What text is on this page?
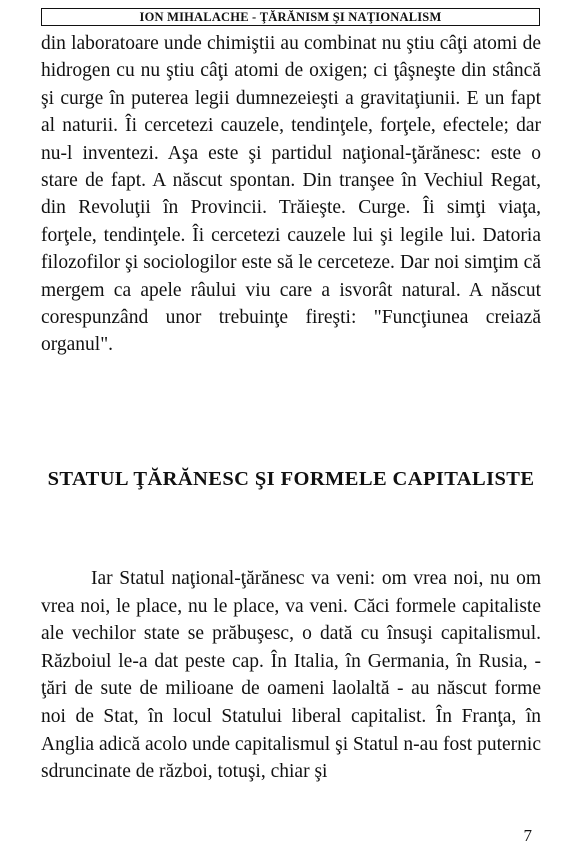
ION MIHALACHE - ŢĂRĂNISM ŞI NAŢIONALISM

din laboratoare unde chimiştii au combinat nu ştiu câţi atomi de hidrogen cu nu ştiu câţi atomi de oxigen; ci ţâşneşte din stâncă şi curge în puterea legii dumnezeieşti a gravitaţiunii. E un fapt al naturii. Îi cercetezi cauzele, tendinţele, forţele, efectele; dar nu-l inventezi. Aşa este şi partidul naţional-ţărănesc: este o stare de fapt. A născut spontan. Din tranşee în Vechiul Regat, din Revoluţii în Provincii. Trăieşte. Curge. Îi simţi viaţa, forţele, tendinţele. Îi cercetezi cauzele lui şi legile lui. Datoria filozofilor şi sociologilor este să le cerceteze. Dar noi simţim că mergem ca apele râului viu care a isvorât natural. A născut corespunzând unor trebuinţe fireşti: "Funcţiunea creiază organul".

STATUL ŢĂRĂNESC ŞI FORMELE CAPITALISTE

Iar Statul naţional-ţărănesc va veni: om vrea noi, nu om vrea noi, le place, nu le place, va veni. Căci formele capitaliste ale vechilor state se prăbuşesc, o dată cu însuşi capitalismul. Războiul le-a dat peste cap. În Italia, în Germania, în Rusia, - ţări de sute de milioane de oameni laolaltă - au născut forme noi de Stat, în locul Statului liberal capitalist. În Franţa, în Anglia adică acolo unde capitalismul şi Statul n-au fost puternic sdruncinate de război, totuşi, chiar şi

7
